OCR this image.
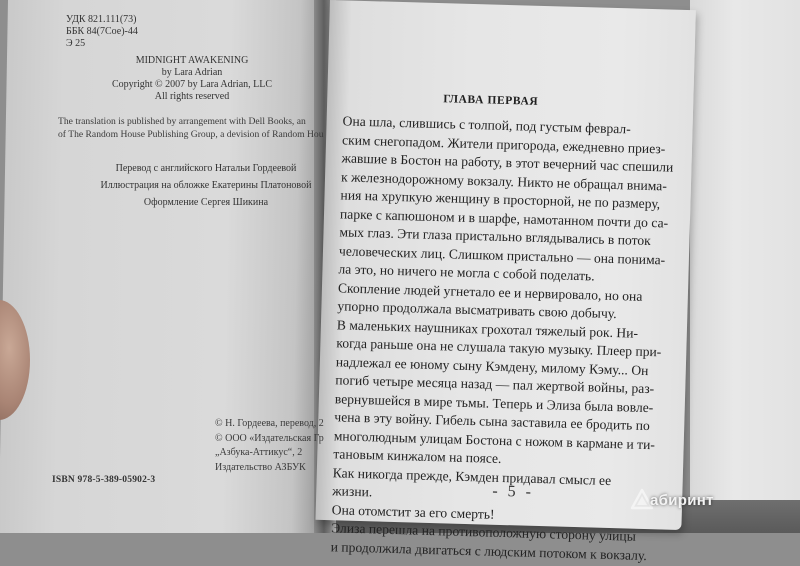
УДК 821.111(73)
ББК 84(7Сое)-44
Э 25
MIDNIGHT AWAKENING
by Lara Adrian
Copyright © 2007 by Lara Adrian, LLC
All rights reserved
The translation is published by arrangement with Dell Books, an
of The Random House Publishing Group, a devision of Random Hou
Перевод с английского Натальи Гордеевой
Иллюстрация на обложке Екатерины Платоновой
Оформление Сергея Шикина
© Н. Гордеева, перевод, 2
© ООО «Издательская Гр
„Азбука-Аттикус“, 2
Издательство АЗБУК
ISBN 978-5-389-05902-3
ГЛАВА ПЕРВАЯ

Она шла, слившись с толпой, под густым феврал-

ским снегопадом. Жители пригорода, ежедневно приез-

жавшие в Бостон на работу, в этот вечерний час спешили

к железнодорожному вокзалу. Никто не обращал внима-

ния на хрупкую женщину в просторной, не по размеру,

парке с капюшоном и в шарфе, намотанном почти до са-

мых глаз. Эти глаза пристально вглядывались в поток

человеческих лиц. Слишком пристально — она понима-

ла это, но ничего не могла с собой поделать.

Скопление людей угнетало ее и нервировало, но она

упорно продолжала высматривать свою добычу.

В маленьких наушниках грохотал тяжелый рок. Ни-

когда раньше она не слушала такую музыку. Плеер при-

надлежал ее юному сыну Кэмдену, милому Кэму... Он

погиб четыре месяца назад — пал жертвой войны, раз-

вернувшейся в мире тьмы. Теперь и Элиза была вовле-

чена в эту войну. Гибель сына заставила ее бродить по

многолюдным улицам Бостона с ножом в кармане и ти-

тановым кинжалом на поясе.

Как никогда прежде, Кэмден придавал смысл ее

жизни.

Она отомстит за его смерть!

Элиза перешла на противоположную сторону улицы

и продолжила двигаться с людским потоком к вокзалу.

- 5 -	абиринт
